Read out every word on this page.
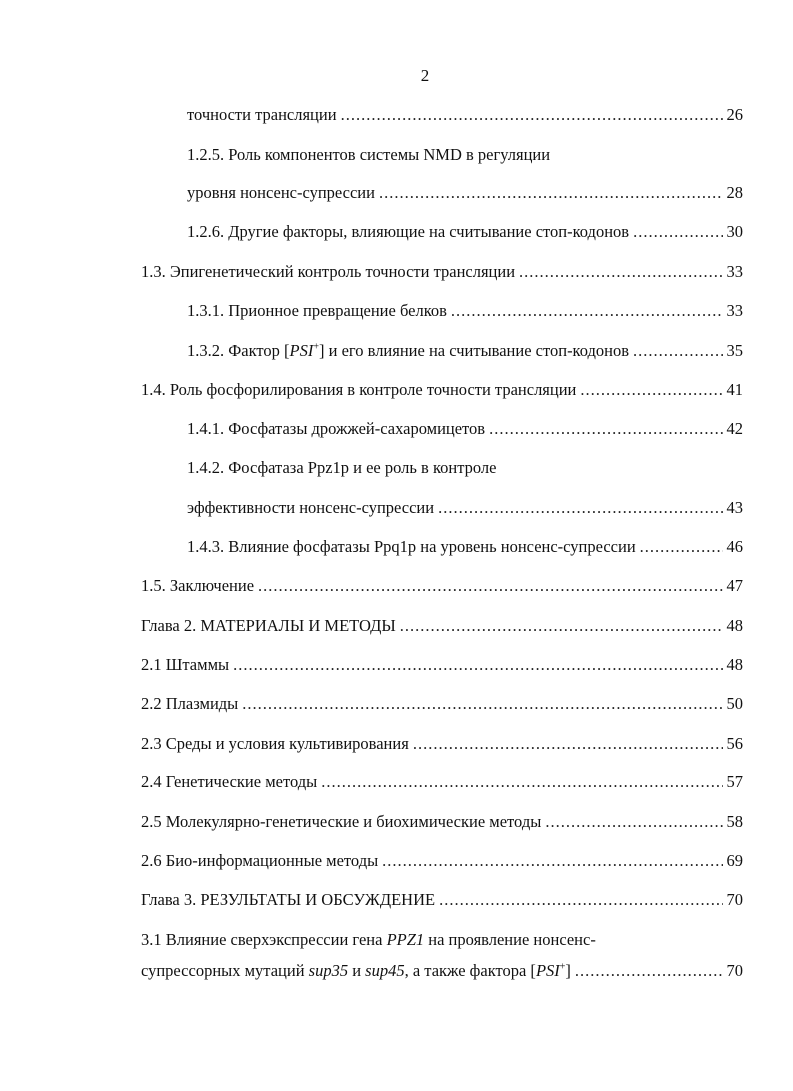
2
точности трансляции .....	26
1.2.5. Роль компонентов системы NMD в регуляции
уровня нонсенс-супрессии .....	28
1.2.6. Другие факторы, влияющие на считывание стоп-кодонов .....	30
1.3. Эпигенетический контроль точности трансляции .....	33
1.3.1. Прионное превращение белков .....	33
1.3.2. Фактор [PSI+] и его влияние на считывание стоп-кодонов .....	35
1.4. Роль фосфорилирования в контроле точности трансляции .....	41
1.4.1. Фосфатазы дрожжей-сахаромицетов .....	42
1.4.2. Фосфатаза Ppz1p и ее роль в контроле
эффективности нонсенс-супрессии .....	43
1.4.3. Влияние фосфатазы Ppq1p на уровень нонсенс-супрессии .....	46
1.5. Заключение .....	47
Глава 2. МАТЕРИАЛЫ И МЕТОДЫ .....	48
2.1 Штаммы .....	48
2.2 Плазмиды .....	50
2.3 Среды и условия культивирования .....	56
2.4 Генетические методы .....	57
2.5 Молекулярно-генетические и биохимические методы .....	58
2.6 Био-информационные методы .....	69
Глава 3. РЕЗУЛЬТАТЫ И ОБСУЖДЕНИЕ .....	70
3.1 Влияние сверхэкспрессии гена PPZ1 на проявление нонсенс-
супрессорных мутаций sup35 и sup45, а также фактора [PSI+] .....	70
